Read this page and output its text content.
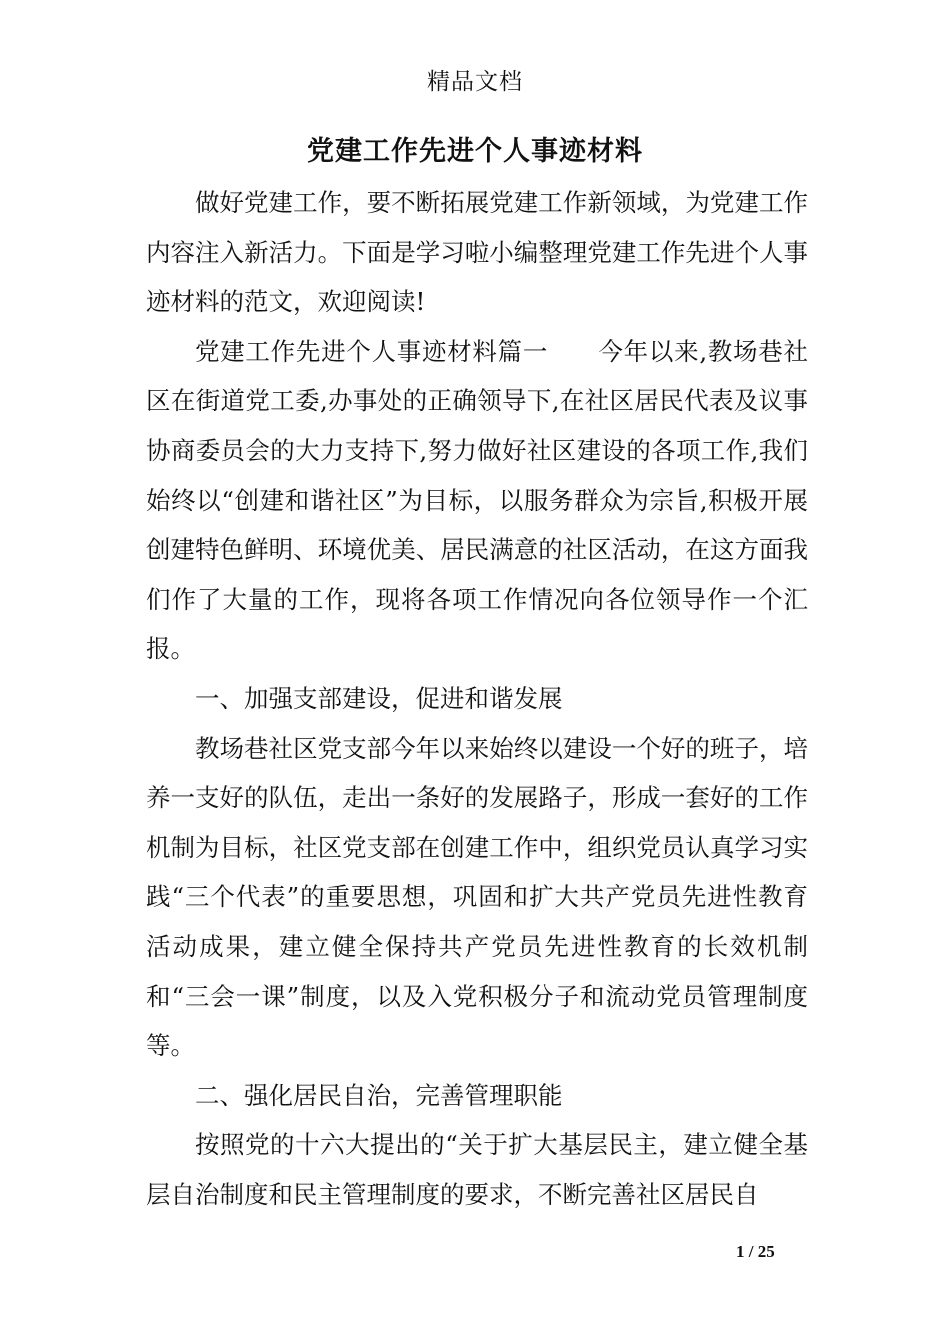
精品文档
党建工作先进个人事迹材料

做好党建工作，要不断拓展党建工作新领域，为党建工作内容注入新活力。下面是学习啦小编整理党建工作先进个人事迹材料的范文，欢迎阅读!

党建工作先进个人事迹材料篇一　　今年以来,教场巷社区在街道党工委,办事处的正确领导下,在社区居民代表及议事协商委员会的大力支持下,努力做好社区建设的各项工作,我们始终以“创建和谐社区”为目标，以服务群众为宗旨,积极开展创建特色鲜明、环境优美、居民满意的社区活动，在这方面我们作了大量的工作，现将各项工作情况向各位领导作一个汇报。

一、加强支部建设，促进和谐发展

教场巷社区党支部今年以来始终以建设一个好的班子，培养一支好的队伍，走出一条好的发展路子，形成一套好的工作机制为目标，社区党支部在创建工作中，组织党员认真学习实践“三个代表”的重要思想，巩固和扩大共产党员先进性教育活动成果，建立健全保持共产党员先进性教育的长效机制和“三会一课”制度，以及入党积极分子和流动党员管理制度等。

二、强化居民自治，完善管理职能

按照党的十六大提出的“关于扩大基层民主，建立健全基层自治制度和民主管理制度的要求，不断完善社区居民自

1 / 25
